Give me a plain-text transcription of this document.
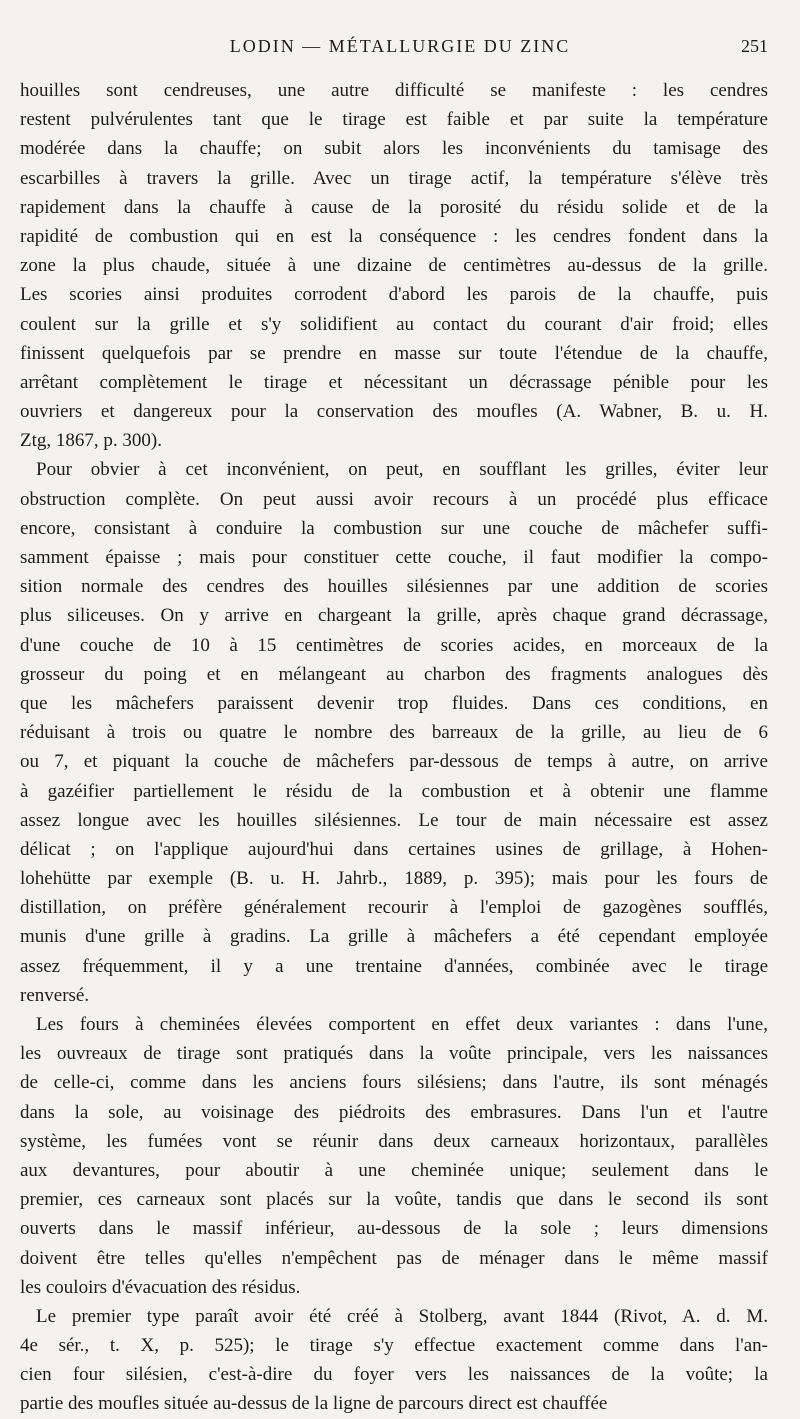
LODIN — MÉTALLURGIE DU ZINC	251
houilles sont cendreuses, une autre difficulté se manifeste : les cendres
restent pulvérulentes tant que le tirage est faible et par suite la température
modérée dans la chauffe; on subit alors les inconvénients du tamisage des
escarbilles à travers la grille. Avec un tirage actif, la température s'élève très
rapidement dans la chauffe à cause de la porosité du résidu solide et de la
rapidité de combustion qui en est la conséquence : les cendres fondent dans la
zone la plus chaude, située à une dizaine de centimètres au-dessus de la grille.
Les scories ainsi produites corrodent d'abord les parois de la chauffe, puis
coulent sur la grille et s'y solidifient au contact du courant d'air froid; elles
finissent quelquefois par se prendre en masse sur toute l'étendue de la chauffe,
arrêtant complètement le tirage et nécessitant un décrassage pénible pour les
ouvriers et dangereux pour la conservation des moufles (A. Wabner, B. u. H.
Ztg, 1867, p. 300).
Pour obvier à cet inconvénient, on peut, en soufflant les grilles, éviter leur
obstruction complète. On peut aussi avoir recours à un procédé plus efficace
encore, consistant à conduire la combustion sur une couche de mâchefer suffi-
samment épaisse ; mais pour constituer cette couche, il faut modifier la compo-
sition normale des cendres des houilles silésiennes par une addition de scories
plus siliceuses. On y arrive en chargeant la grille, après chaque grand décrassage,
d'une couche de 10 à 15 centimètres de scories acides, en morceaux de la
grosseur du poing et en mélangeant au charbon des fragments analogues dès
que les mâchefers paraissent devenir trop fluides. Dans ces conditions, en
réduisant à trois ou quatre le nombre des barreaux de la grille, au lieu de 6
ou 7, et piquant la couche de mâchefers par-dessous de temps à autre, on arrive
à gazéifier partiellement le résidu de la combustion et à obtenir une flamme
assez longue avec les houilles silésiennes. Le tour de main nécessaire est assez
délicat ; on l'applique aujourd'hui dans certaines usines de grillage, à Hohen-
lohehütte par exemple (B. u. H. Jahrb., 1889, p. 395); mais pour les fours de
distillation, on préfère généralement recourir à l'emploi de gazogènes soufflés,
munis d'une grille à gradins. La grille à mâchefers a été cependant employée
assez fréquemment, il y a une trentaine d'années, combinée avec le tirage
renversé.
Les fours à cheminées élevées comportent en effet deux variantes : dans l'une,
les ouvreaux de tirage sont pratiqués dans la voûte principale, vers les naissances
de celle-ci, comme dans les anciens fours silésiens; dans l'autre, ils sont ménagés
dans la sole, au voisinage des piédroits des embrasures. Dans l'un et l'autre
système, les fumées vont se réunir dans deux carneaux horizontaux, parallèles
aux devantures, pour aboutir à une cheminée unique; seulement dans le
premier, ces carneaux sont placés sur la voûte, tandis que dans le second ils sont
ouverts dans le massif inférieur, au-dessous de la sole ; leurs dimensions
doivent être telles qu'elles n'empêchent pas de ménager dans le même massif
les couloirs d'évacuation des résidus.
Le premier type paraît avoir été créé à Stolberg, avant 1844 (Rivot, A. d. M.
4e sér., t. X, p. 525); le tirage s'y effectue exactement comme dans l'an-
cien four silésien, c'est-à-dire du foyer vers les naissances de la voûte; la
partie des moufles située au-dessus de la ligne de parcours direct est chauffée
